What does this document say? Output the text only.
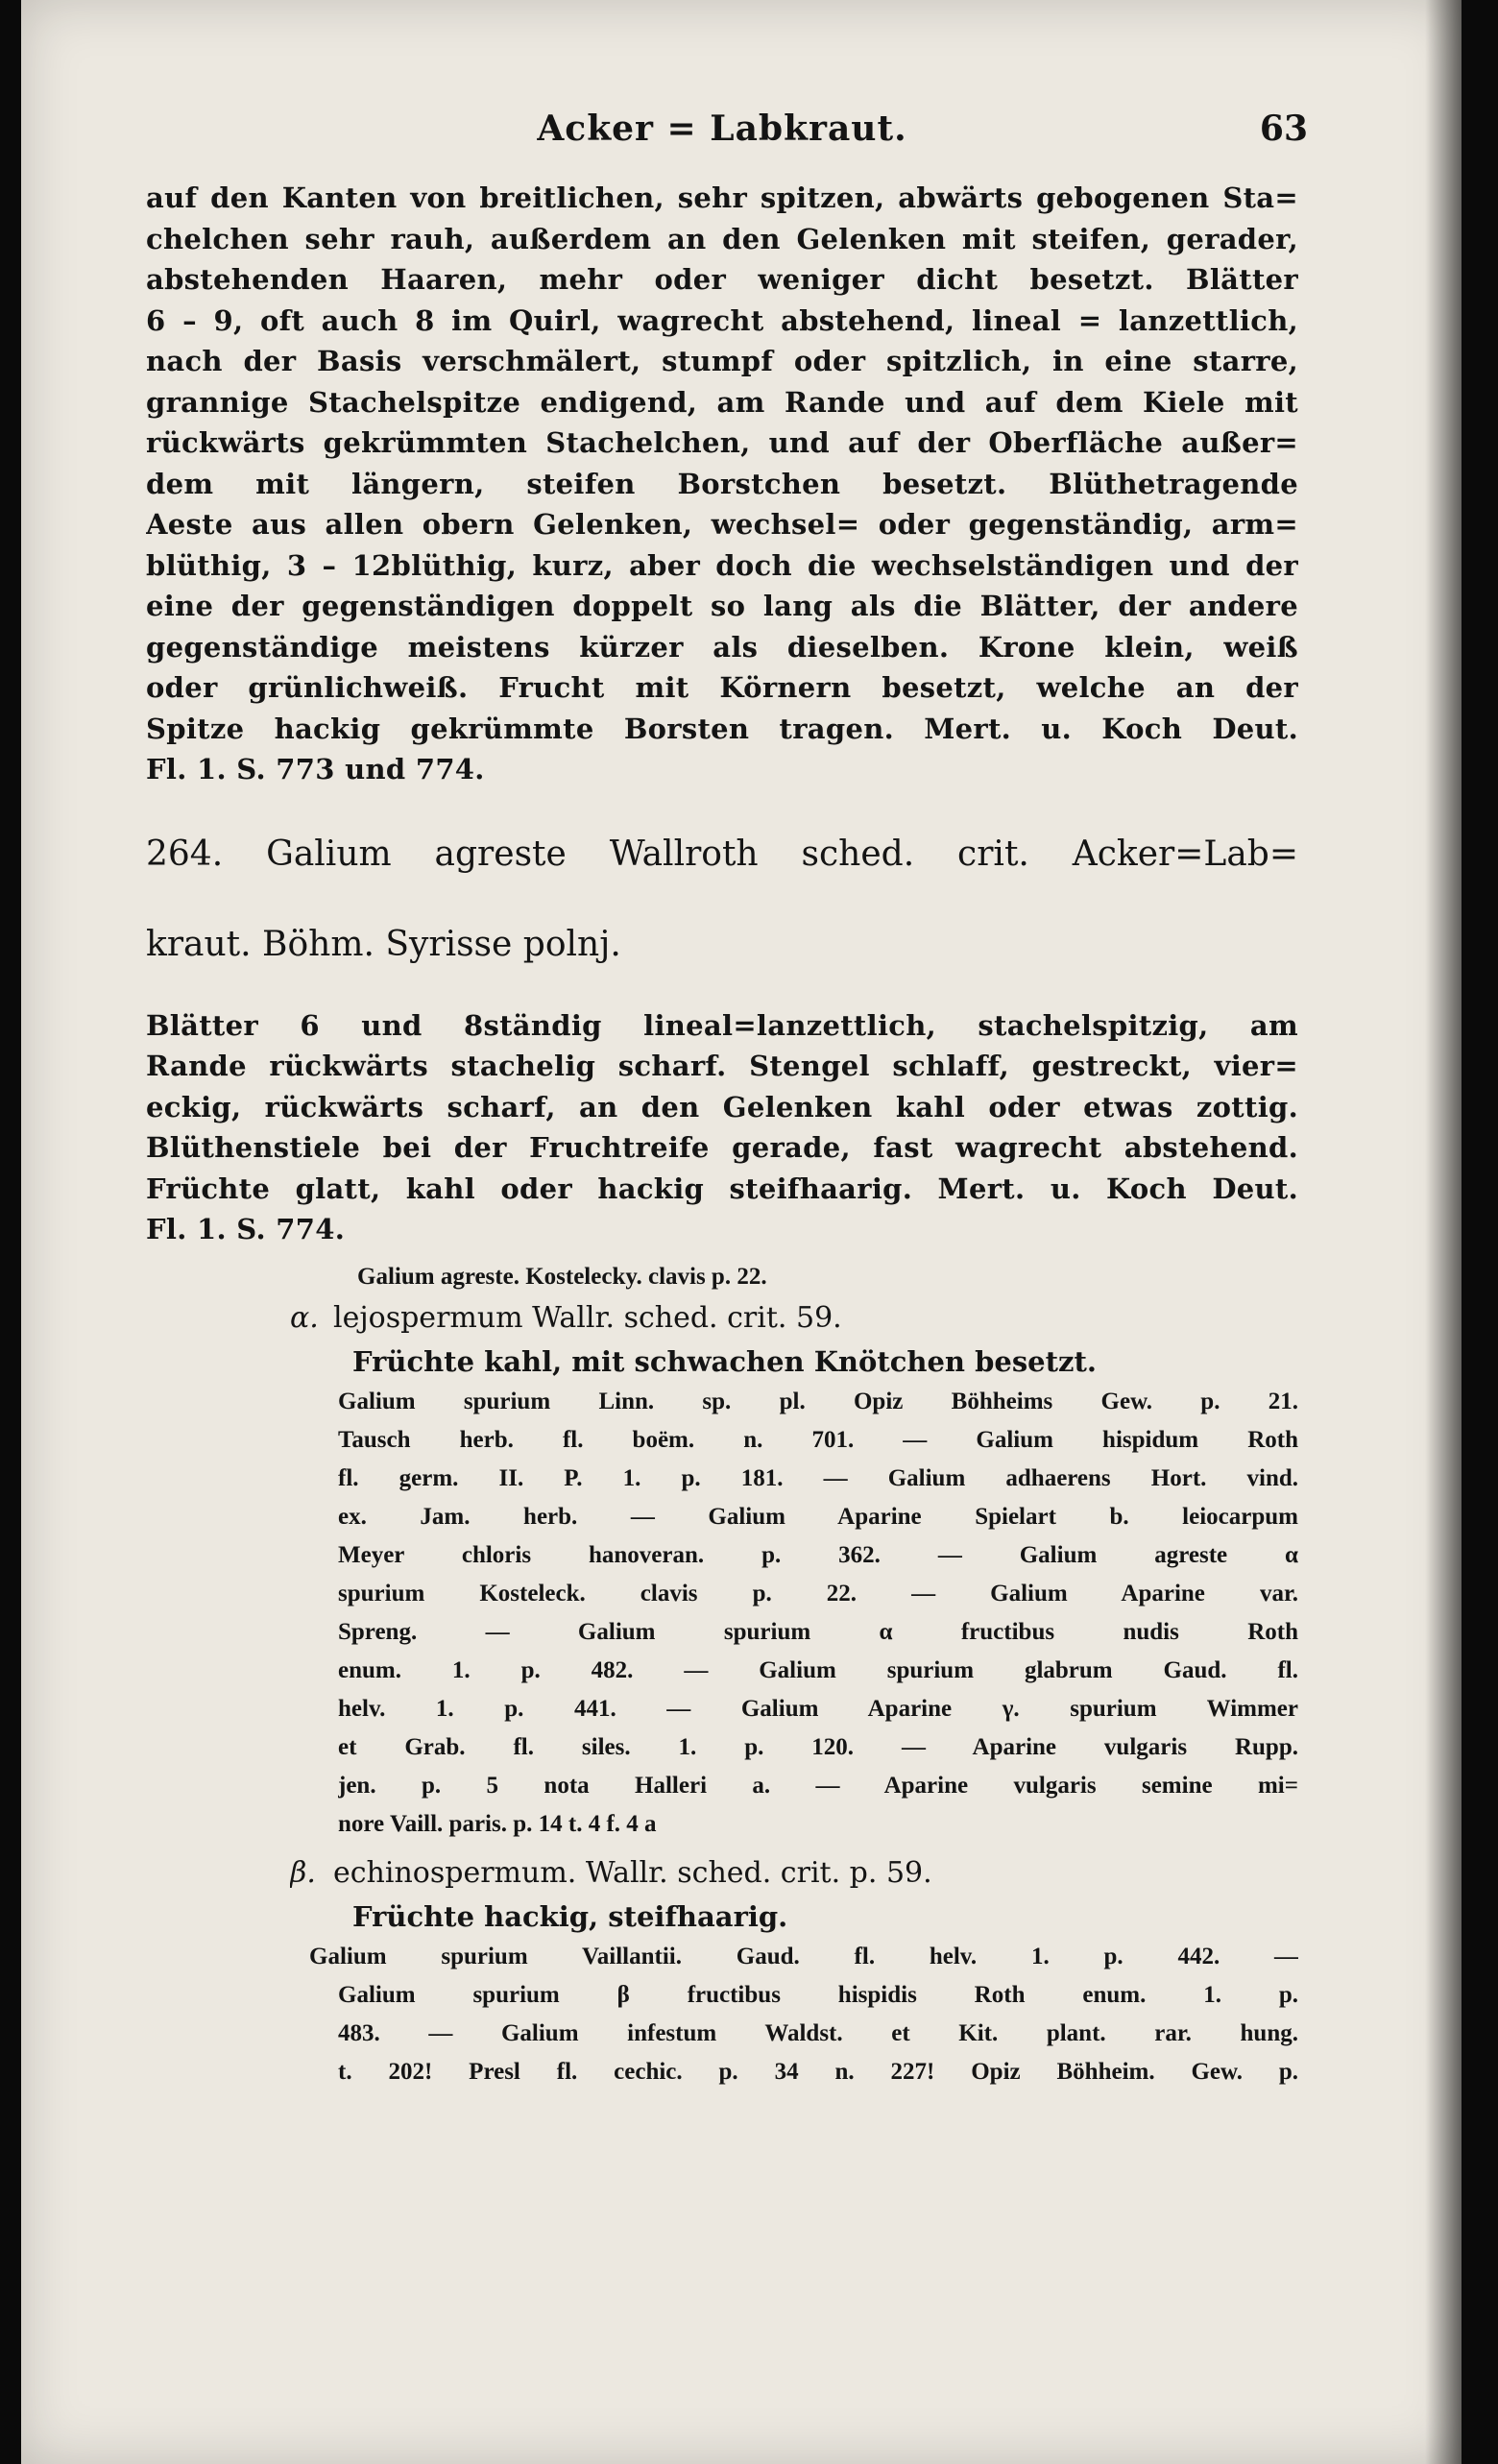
Acker = Labkraut.	63
auf den Kanten von breitlichen, sehr spitzen, abwärts gebogenen Sta=
chelchen sehr rauh, außerdem an den Gelenken mit steifen, gerader,
abstehenden Haaren, mehr oder weniger dicht besetzt. Blätter
6 – 9, oft auch 8 im Quirl, wagrecht abstehend, lineal = lanzettlich,
nach der Basis verschmälert, stumpf oder spitzlich, in eine starre,
grannige Stachelspitze endigend, am Rande und auf dem Kiele mit
rückwärts gekrümmten Stachelchen, und auf der Oberfläche außer=
dem mit längern, steifen Borstchen besetzt. Blüthetragende
Aeste aus allen obern Gelenken, wechsel= oder gegenständig, arm=
blüthig, 3 – 12blüthig, kurz, aber doch die wechselständigen und der
eine der gegenständigen doppelt so lang als die Blätter, der andere
gegenständige meistens kürzer als dieselben. Krone klein, weiß
oder grünlichweiß. Frucht mit Körnern besetzt, welche an der
Spitze hackig gekrümmte Borsten tragen. Mert. u. Koch Deut.
Fl. 1. S. 773 und 774.
264. Galium agreste Wallroth sched. crit. Acker=Lab=
kraut. Böhm. Syrisse polnj.
Blätter 6 und 8ständig lineal=lanzettlich, stachelspitzig, am
Rande rückwärts stachelig scharf. Stengel schlaff, gestreckt, vier=
eckig, rückwärts scharf, an den Gelenken kahl oder etwas zottig.
Blüthenstiele bei der Fruchtreife gerade, fast wagrecht abstehend.
Früchte glatt, kahl oder hackig steifhaarig. Mert. u. Koch Deut.
Fl. 1. S. 774.
Galium agreste. Kostelecky. clavis p. 22.
α. lejospermum Wallr. sched. crit. 59.
Früchte kahl, mit schwachen Knötchen besetzt.
Galium spurium Linn. sp. pl. Opiz Böhheims Gew. p. 21.
Tausch herb. fl. boëm. n. 701. — Galium hispidum Roth
fl. germ. II. P. 1. p. 181. — Galium adhaerens Hort. vind.
ex. Jam. herb. — Galium Aparine Spielart b. leiocarpum
Meyer chloris hanoveran. p. 362. — Galium agreste α
spurium Kosteleck. clavis p. 22. — Galium Aparine var.
Spreng. — Galium spurium α fructibus nudis Roth
enum. 1. p. 482. — Galium spurium glabrum Gaud. fl.
helv. 1. p. 441. — Galium Aparine γ. spurium Wimmer
et Grab. fl. siles. 1. p. 120. — Aparine vulgaris Rupp.
jen. p. 5 nota Halleri a. — Aparine vulgaris semine mi=
nore Vaill. paris. p. 14 t. 4 f. 4 a
β. echinospermum. Wallr. sched. crit. p. 59.
Früchte hackig, steifhaarig.
Galium spurium Vaillantii. Gaud. fl. helv. 1. p. 442. —
Galium spurium β fructibus hispidis Roth enum. 1. p.
483. — Galium infestum Waldst. et Kit. plant. rar. hung.
t. 202! Presl fl. cechic. p. 34 n. 227! Opiz Böhheim. Gew. p.
